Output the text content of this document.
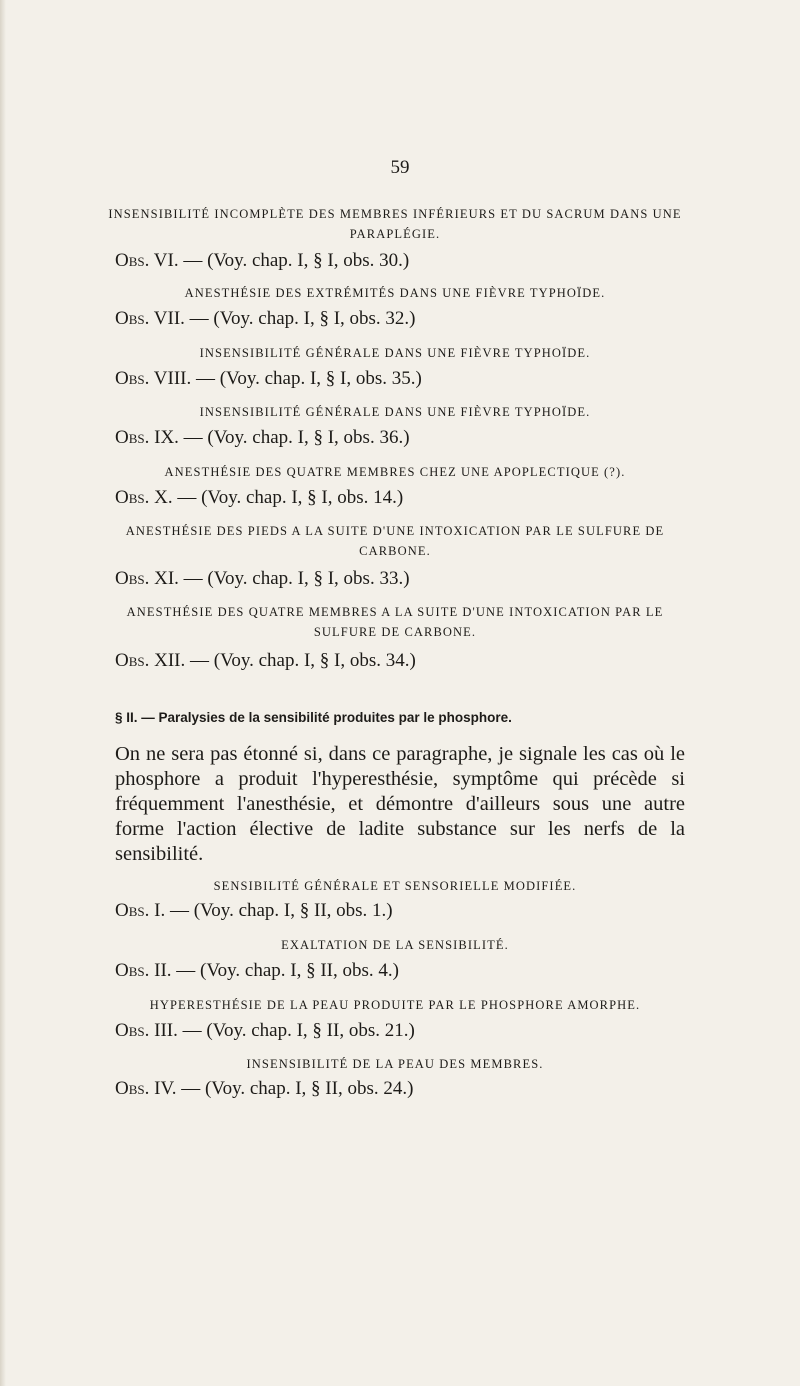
59
INSENSIBILITÉ INCOMPLÈTE DES MEMBRES INFÉRIEURS ET DU SACRUM DANS UNE PARAPLÉGIE.
Obs. VI. — (Voy. chap. I, § I, obs. 30.)
ANESTHÉSIE DES EXTRÉMITÉS DANS UNE FIÈVRE TYPHOÏDE.
Obs. VII. — (Voy. chap. I, § I, obs. 32.)
INSENSIBILITÉ GÉNÉRALE DANS UNE FIÈVRE TYPHOÏDE.
Obs. VIII. — (Voy. chap. I, § I, obs. 35.)
INSENSIBILITÉ GÉNÉRALE DANS UNE FIÈVRE TYPHOÏDE.
Obs. IX. — (Voy. chap. I, § I, obs. 36.)
ANESTHÉSIE DES QUATRE MEMBRES CHEZ UNE APOPLECTIQUE (?).
Obs. X. — (Voy. chap. I, § I, obs. 14.)
ANESTHÉSIE DES PIEDS A LA SUITE D'UNE INTOXICATION PAR LE SULFURE DE CARBONE.
Obs. XI. — (Voy. chap. I, § I, obs. 33.)
ANESTHÉSIE DES QUATRE MEMBRES A LA SUITE D'UNE INTOXICATION PAR LE SULFURE DE CARBONE.
Obs. XII. — (Voy. chap. I, § I, obs. 34.)
§ II. — Paralysies de la sensibilité produites par le phosphore.
On ne sera pas étonné si, dans ce paragraphe, je signale les cas où le phosphore a produit l'hyperesthésie, symptôme qui précède si fréquemment l'anesthésie, et démontre d'ailleurs sous une autre forme l'action élective de ladite substance sur les nerfs de la sensibilité.
SENSIBILITÉ GÉNÉRALE ET SENSORIELLE MODIFIÉE.
Obs. I. — (Voy. chap. I, § II, obs. 1.)
EXALTATION DE LA SENSIBILITÉ.
Obs. II. — (Voy. chap. I, § II, obs. 4.)
HYPERESTHÉSIE DE LA PEAU PRODUITE PAR LE PHOSPHORE AMORPHE.
Obs. III. — (Voy. chap. I, § II, obs. 21.)
INSENSIBILITÉ DE LA PEAU DES MEMBRES.
Obs. IV. — (Voy. chap. I, § II, obs. 24.)
